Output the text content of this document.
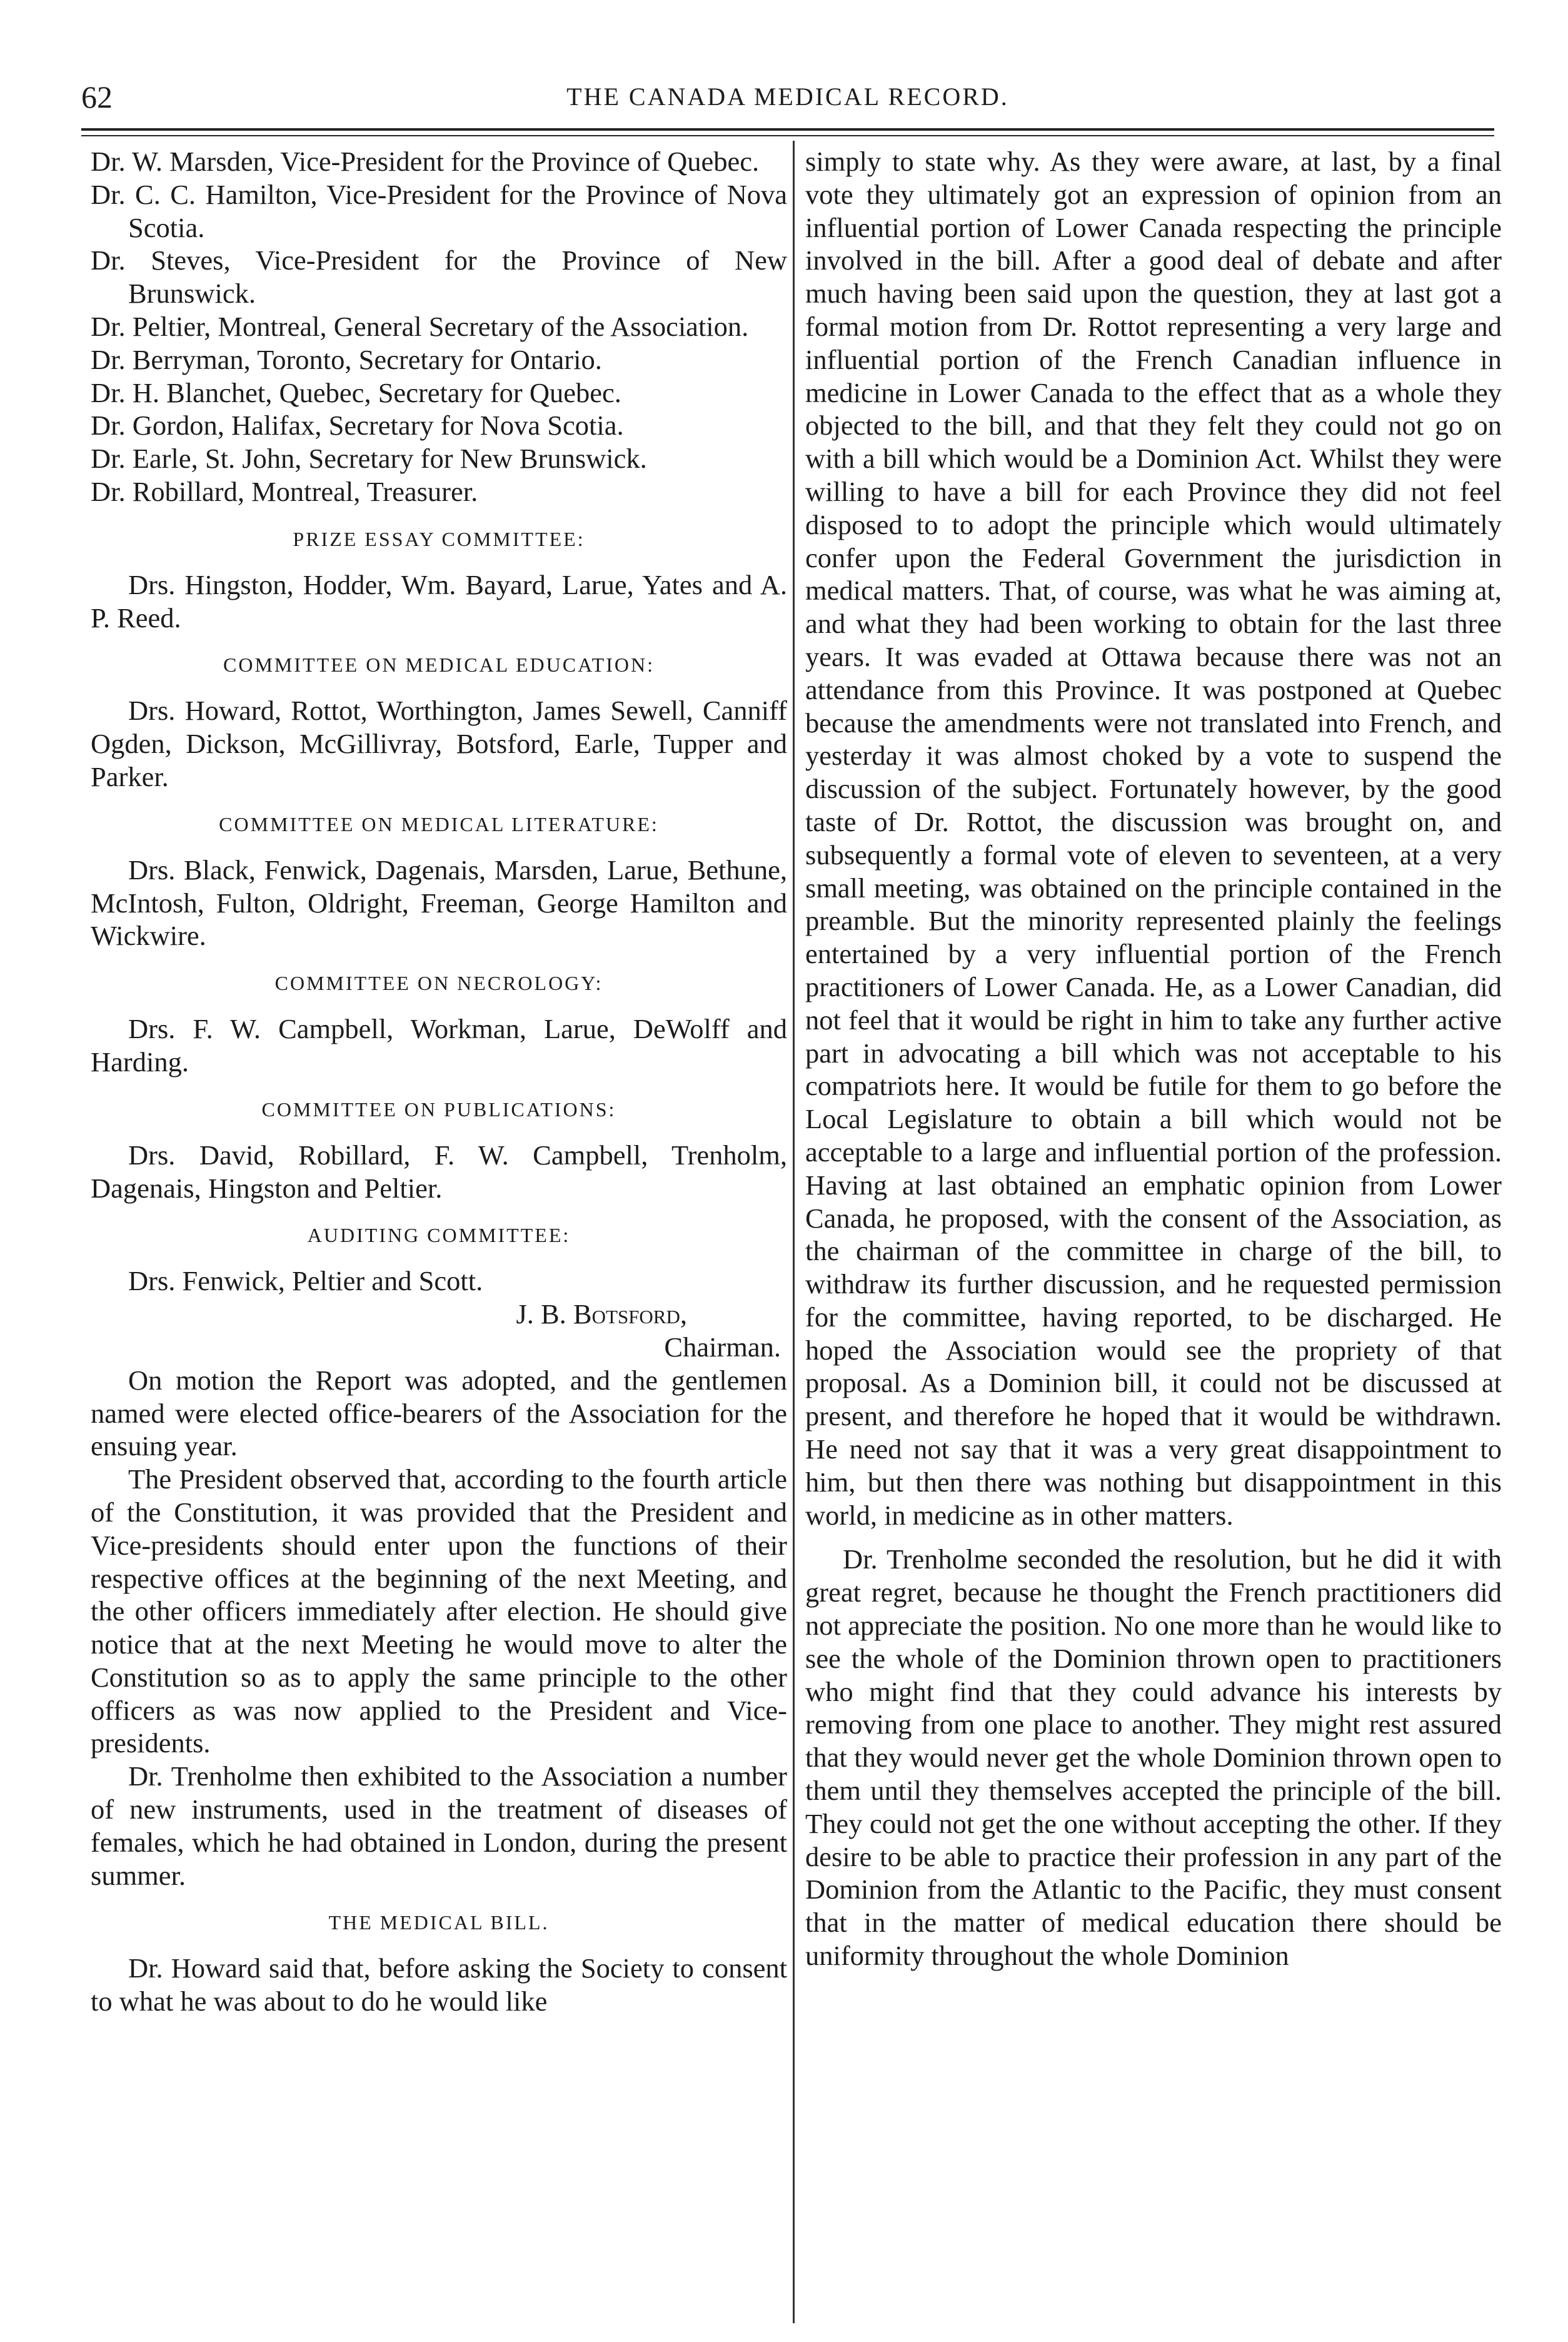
62	THE CANADA MEDICAL RECORD.

Dr. W. Marsden, Vice-President for the Province of Quebec.

Dr. C. C. Hamilton, Vice-President for the Province of Nova Scotia.

Dr. Steves, Vice-President for the Province of New Brunswick.

Dr. Peltier, Montreal, General Secretary of the Association.

Dr. Berryman, Toronto, Secretary for Ontario.

Dr. H. Blanchet, Quebec, Secretary for Quebec.

Dr. Gordon, Halifax, Secretary for Nova Scotia.

Dr. Earle, St. John, Secretary for New Brunswick.

Dr. Robillard, Montreal, Treasurer.

PRIZE ESSAY COMMITTEE:

Drs. Hingston, Hodder, Wm. Bayard, Larue, Yates and A. P. Reed.

COMMITTEE ON MEDICAL EDUCATION:

Drs. Howard, Rottot, Worthington, James Sewell, Canniff Ogden, Dickson, McGillivray, Botsford, Earle, Tupper and Parker.

COMMITTEE ON MEDICAL LITERATURE:

Drs. Black, Fenwick, Dagenais, Marsden, Larue, Bethune, McIntosh, Fulton, Oldright, Freeman, George Hamilton and Wickwire.

COMMITTEE ON NECROLOGY:

Drs. F. W. Campbell, Workman, Larue, DeWolff and Harding.

COMMITTEE ON PUBLICATIONS:

Drs. David, Robillard, F. W. Campbell, Trenholm, Dagenais, Hingston and Peltier.

AUDITING COMMITTEE:

Drs. Fenwick, Peltier and Scott.

J. B. Botsford,

Chairman.

On motion the Report was adopted, and the gentlemen named were elected office-bearers of the Association for the ensuing year.

The President observed that, according to the fourth article of the Constitution, it was provided that the President and Vice-presidents should enter upon the functions of their respective offices at the beginning of the next Meeting, and the other officers immediately after election. He should give notice that at the next Meeting he would move to alter the Constitution so as to apply the same principle to the other officers as was now applied to the President and Vice-presidents.

Dr. Trenholme then exhibited to the Association a number of new instruments, used in the treatment of diseases of females, which he had obtained in London, during the present summer.

THE MEDICAL BILL.

Dr. Howard said that, before asking the Society to consent to what he was about to do he would like

simply to state why. As they were aware, at last, by a final vote they ultimately got an expression of opinion from an influential portion of Lower Canada respecting the principle involved in the bill. After a good deal of debate and after much having been said upon the question, they at last got a formal motion from Dr. Rottot representing a very large and influential portion of the French Canadian influence in medicine in Lower Canada to the effect that as a whole they objected to the bill, and that they felt they could not go on with a bill which would be a Dominion Act. Whilst they were willing to have a bill for each Province they did not feel disposed to to adopt the principle which would ultimately confer upon the Federal Government the jurisdiction in medical matters. That, of course, was what he was aiming at, and what they had been working to obtain for the last three years. It was evaded at Ottawa because there was not an attendance from this Province. It was postponed at Quebec because the amendments were not translated into French, and yesterday it was almost choked by a vote to suspend the discussion of the subject. Fortunately however, by the good taste of Dr. Rottot, the discussion was brought on, and subsequently a formal vote of eleven to seventeen, at a very small meeting, was obtained on the principle contained in the preamble. But the minority represented plainly the feelings entertained by a very influential portion of the French practitioners of Lower Canada. He, as a Lower Canadian, did not feel that it would be right in him to take any further active part in advocating a bill which was not acceptable to his compatriots here. It would be futile for them to go before the Local Legislature to obtain a bill which would not be acceptable to a large and influential portion of the profession. Having at last obtained an emphatic opinion from Lower Canada, he proposed, with the consent of the Association, as the chairman of the committee in charge of the bill, to withdraw its further discussion, and he requested permission for the committee, having reported, to be discharged. He hoped the Association would see the propriety of that proposal. As a Dominion bill, it could not be discussed at present, and therefore he hoped that it would be withdrawn. He need not say that it was a very great disappointment to him, but then there was nothing but disappointment in this world, in medicine as in other matters.

Dr. Trenholme seconded the resolution, but he did it with great regret, because he thought the French practitioners did not appreciate the position. No one more than he would like to see the whole of the Dominion thrown open to practitioners who might find that they could advance his interests by removing from one place to another. They might rest assured that they would never get the whole Dominion thrown open to them until they themselves accepted the principle of the bill. They could not get the one without accepting the other. If they desire to be able to practice their profession in any part of the Dominion from the Atlantic to the Pacific, they must consent that in the matter of medical education there should be uniformity throughout the whole Dominion
